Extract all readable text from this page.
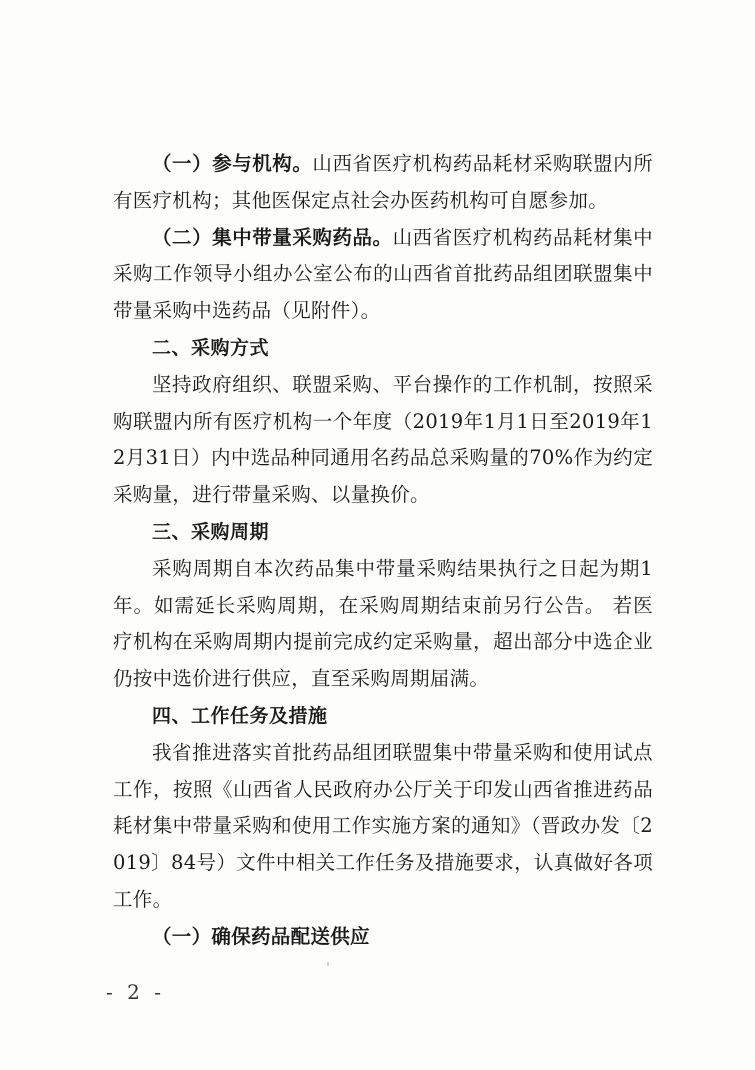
（一）参与机构。山西省医疗机构药品耗材采购联盟内所有医疗机构；其他医保定点社会办医药机构可自愿参加。

（二）集中带量采购药品。山西省医疗机构药品耗材集中采购工作领导小组办公室公布的山西省首批药品组团联盟集中带量采购中选药品（见附件）。

二、采购方式

坚持政府组织、联盟采购、平台操作的工作机制，按照采购联盟内所有医疗机构一个年度（2019年1月1日至2019年12月31日）内中选品种同通用名药品总采购量的70%作为约定采购量，进行带量采购、以量换价。

三、采购周期

采购周期自本次药品集中带量采购结果执行之日起为期1年。如需延长采购周期，在采购周期结束前另行公告。 若医疗机构在采购周期内提前完成约定采购量，超出部分中选企业仍按中选价进行供应，直至采购周期届满。

四、工作任务及措施

我省推进落实首批药品组团联盟集中带量采购和使用试点工作，按照《山西省人民政府办公厅关于印发山西省推进药品耗材集中带量采购和使用工作实施方案的通知》（晋政办发〔2019〕84号）文件中相关工作任务及措施要求，认真做好各项工作。

（一）确保药品配送供应

- 2 -
